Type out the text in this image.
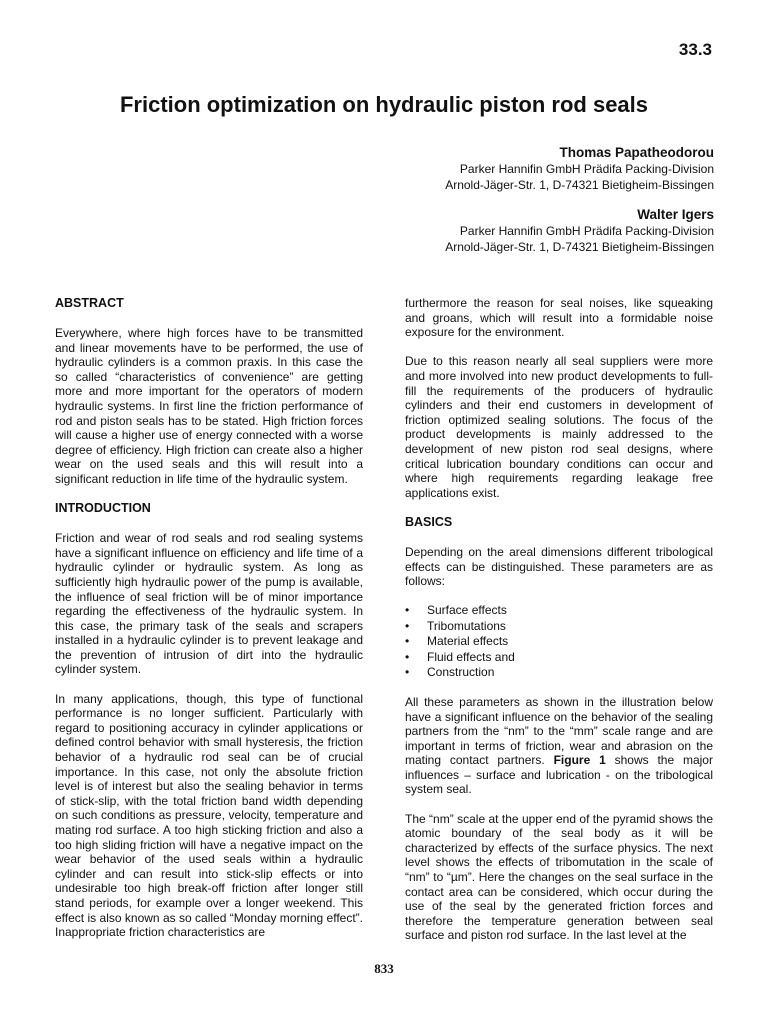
33.3
Friction optimization on hydraulic piston rod seals
Thomas Papatheodorou
Parker Hannifin GmbH Prädifa Packing-Division
Arnold-Jäger-Str. 1, D-74321 Bietigheim-Bissingen
Walter Igers
Parker Hannifin GmbH Prädifa Packing-Division
Arnold-Jäger-Str. 1, D-74321 Bietigheim-Bissingen
ABSTRACT

Everywhere, where high forces have to be transmitted and linear movements have to be performed, the use of hydraulic cylinders is a common praxis. In this case the so called “characteristics of convenience” are getting more and more important for the operators of modern hydraulic systems. In first line the friction performance of rod and piston seals has to be stated. High friction forces will cause a higher use of energy connected with a worse degree of efficiency. High friction can create also a higher wear on the used seals and this will result into a significant reduction in life time of the hydraulic system.

INTRODUCTION

Friction and wear of rod seals and rod sealing systems have a significant influence on efficiency and life time of a hydraulic cylinder or hydraulic system. As long as sufficiently high hydraulic power of the pump is available, the influence of seal friction will be of minor importance regarding the effectiveness of the hydraulic system. In this case, the primary task of the seals and scrapers installed in a hydraulic cylinder is to prevent leakage and the prevention of intrusion of dirt into the hydraulic cylinder system.

In many applications, though, this type of functional performance is no longer sufficient. Particularly with regard to positioning accuracy in cylinder applications or defined control behavior with small hysteresis, the friction behavior of a hydraulic rod seal can be of crucial importance. In this case, not only the absolute friction level is of interest but also the sealing behavior in terms of stick-slip, with the total friction band width depending on such conditions as pressure, velocity, temperature and mating rod surface. A too high sticking friction and also a too high sliding friction will have a negative impact on the wear behavior of the used seals within a hydraulic cylinder and can result into stick-slip effects or into undesirable too high break-off friction after longer still stand periods, for example over a longer weekend. This effect is also known as so called “Monday morning effect”. Inappropriate friction characteristics are

furthermore the reason for seal noises, like squeaking and groans, which will result into a formidable noise exposure for the environment.

Due to this reason nearly all seal suppliers were more and more involved into new product developments to full-fill the requirements of the producers of hydraulic cylinders and their end customers in development of friction optimized sealing solutions. The focus of the product developments is mainly addressed to the development of new piston rod seal designs, where critical lubrication boundary conditions can occur and where high requirements regarding leakage free applications exist.

BASICS

Depending on the areal dimensions different tribological effects can be distinguished. These parameters are as follows:

• Surface effects
• Tribomutations
• Material effects
• Fluid effects and
• Construction

All these parameters as shown in the illustration below have a significant influence on the behavior of the sealing partners from the “nm” to the “mm” scale range and are important in terms of friction, wear and abrasion on the mating contact partners. Figure 1 shows the major influences – surface and lubrication - on the tribological system seal.

The “nm” scale at the upper end of the pyramid shows the atomic boundary of the seal body as it will be characterized by effects of the surface physics. The next level shows the effects of tribomutation in the scale of “nm” to “µm”. Here the changes on the seal surface in the contact area can be considered, which occur during the use of the seal by the generated friction forces and therefore the temperature generation between seal surface and piston rod surface. In the last level at the

833
